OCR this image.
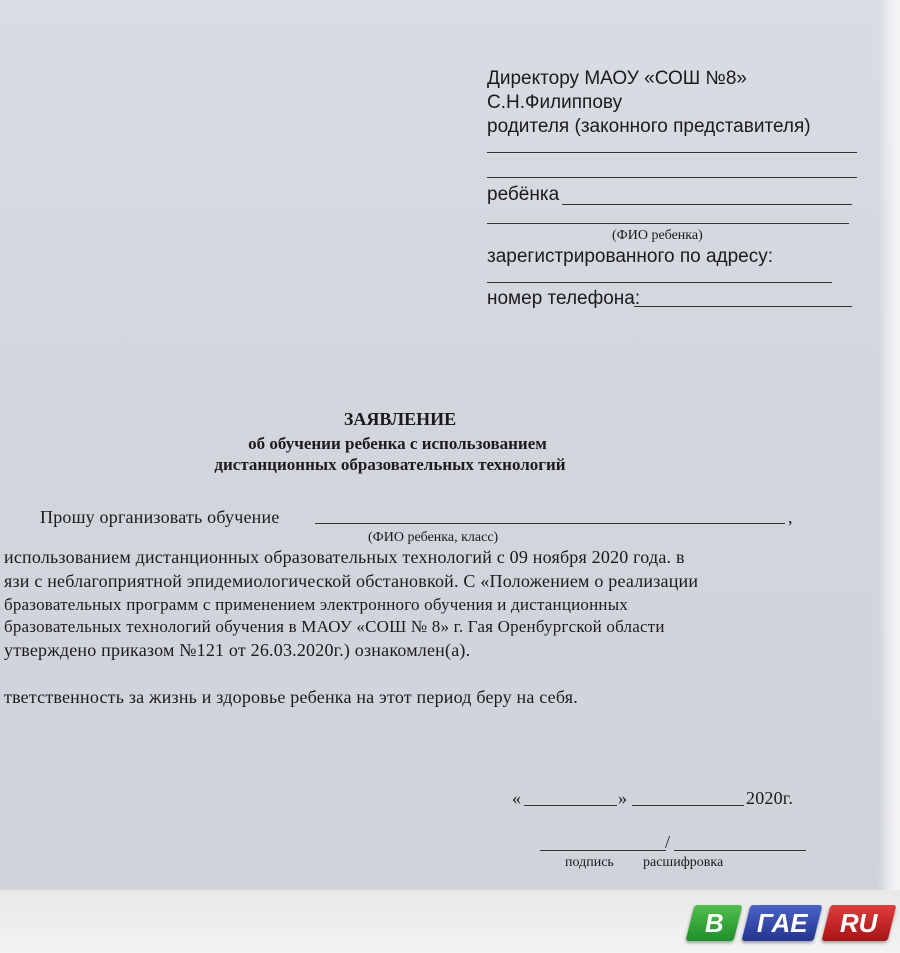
Директору МАОУ «СОШ №8»
С.Н.Филиппову
родителя (законного представителя)
ребёнка
(ФИО ребенка)
зарегистрированного по адресу:
номер телефона:
ЗАЯВЛЕНИЕ
об обучении ребенка с использованием
дистанционных образовательных технологий
Прошу организовать обучение	,
(ФИО ребенка, класс)
использованием дистанционных образовательных технологий с 09 ноября 2020 года. в
язи с неблагоприятной эпидемиологической обстановкой. С «Положением о реализации
бразовательных программ с применением электронного обучения и дистанционных
бразовательных технологий обучения в МАОУ «СОШ № 8» г. Гая Оренбургской области
утверждено приказом №121 от 26.03.2020г.) ознакомлен(а).
тветственность за жизнь и здоровье ребенка на этот период беру на себя.
«	»	2020г.
/
подпись расшифровка
В ГАЕ RU
